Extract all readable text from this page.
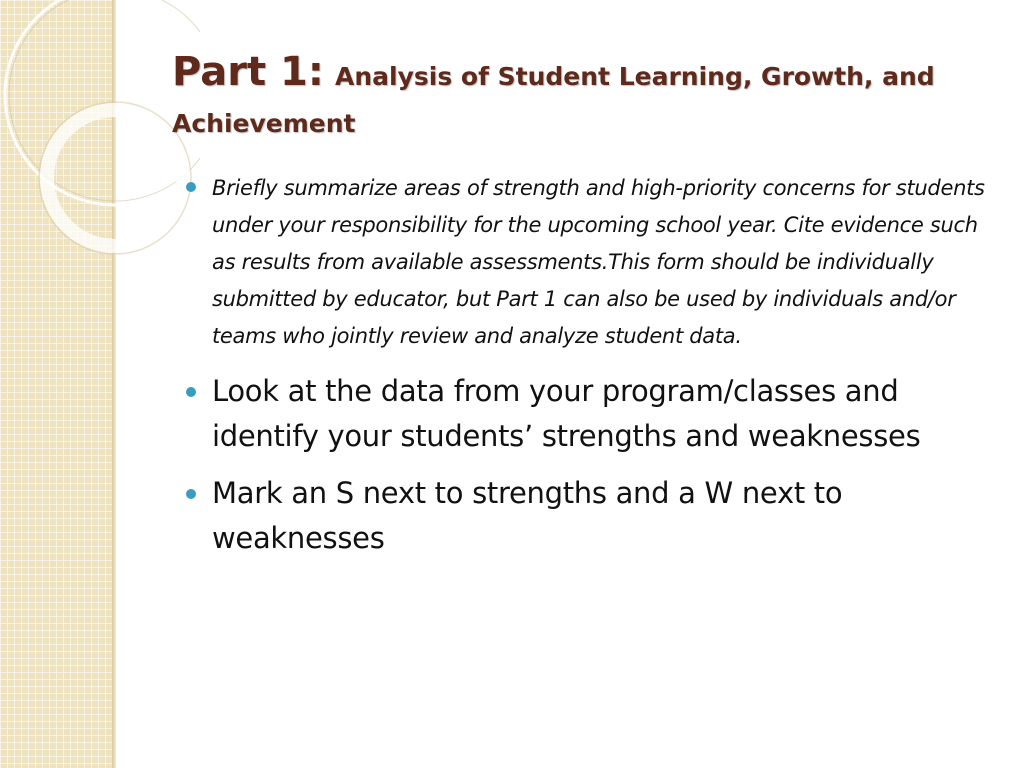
Part 1: Analysis of Student Learning, Growth, and Achievement
Briefly summarize areas of strength and high-priority concerns for students under your responsibility for the upcoming school year. Cite evidence such as results from available assessments.This form should be individually submitted by educator, but Part 1 can also be used by individuals and/or teams who jointly review and analyze student data.
Look at the data from your program/classes and identify your students’ strengths and weaknesses
Mark an S next to strengths and a W next to weaknesses
